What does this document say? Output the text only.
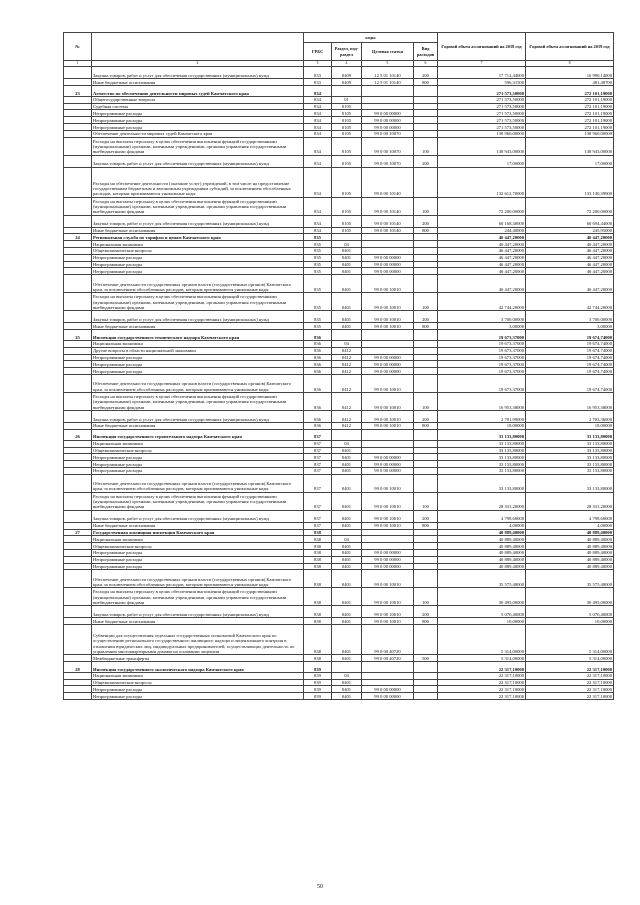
№		коды				Годовой объем ассигнований на 2018 год	Годовой объем ассигнований на 2019 год
		ГРБС	Раздел, под-раздел	Целевая статья	Вид расходов		
1	2	3	4	5	6	7	8
	Закупка товаров, работ и услуг для обеспечения государственных (муниципальных) нужд	833	0409	12 5 01 10140	200	17 712,44000	16 990,14000
	Иные бюджетные ассигнования	833	0409	12 5 01 10140	800	596,31500	481,48700
23	Агентство по обеспечению деятельности мировых судей Камчатского края	834				271 573,50000	272 101,19000
	Общегосударственные вопросы	834	01			271 573,50000	272 101,19000
	Судебная система	834	0105			271 573,50000	272 101,19000
	Непрограммные расходы	834	0105	99 0 00 00000		271 573,50000	272 101,19000
	Непрограммные расходы	834	0105	99 0 00 00000		271 573,50000	272 101,19000
	Непрограммные расходы	834	0105	99 0 00 00000		271 573,50000	272 101,19000
	Обеспечение деятельности мировых судей Камчатского края	834	0105	99 0 00 10070		138 960,00000	138 960,00000
	Расходы на выплаты персоналу в целях обеспечения выполнения функций государственными (муниципальными) органами, казенными учреждениями, органами управления государственными внебюджетными фондами	834	0105	99 0 00 10070	100	138 943,00000	138 943,00000
	Закупка товаров, работ и услуг для обеспечения государственных (муниципальных) нужд	834	0105	99 0 00 10070	200	17,00000	17,00000
	Расходы на обеспечение деятельности (оказание услуг) учреждений, в том числе на предоставление государственным бюджетным и автономным учреждениям субсидий, за исключением обособленных расходов, которым присваиваются уникальные коды	834	0105	99 0 00 10140		132 612,70000	133 140,39000
	Расходы на выплаты персоналу в целях обеспечения выполнения функций государственными (муниципальными) органами, казенными учреждениями, органами управления государственными внебюджетными фондами	834	0105	99 0 00 10140	100	72 200,00000	72 200,00000
	Закупка товаров, работ и услуг для обеспечения государственных (муниципальных) нужд	834	0105	99 0 00 10140	200	60 168,30000	60 694,44000
	Иные бюджетные ассигнования	834	0105	99 0 00 10140	800	244,40000	245,95000
24	Региональная служба по тарифам и ценам Камчатского края	835				46 447,20000	46 447,20000
	Национальная экономика	835	04			46 447,20000	46 447,20000
	Общеэкономические вопросы	835	0401			46 447,20000	46 447,20000
	Непрограммные расходы	835	0401	99 0 00 00000		46 447,20000	46 447,20000
	Непрограммные расходы	835	0401	99 0 00 00000		46 447,20000	46 447,20000
	Непрограммные расходы	835	0401	99 0 00 00000		46 447,20000	46 447,20000
	Обеспечение деятельности государственных органов власти (государственных органов) Камчатского края, за исключением обособленных расходов, которым присваиваются уникальные коды	835	0401	99 0 00 10010		46 447,20000	46 447,20000
	Расходы на выплаты персоналу в целях обеспечения выполнения функций государственными (муниципальными) органами, казенными учреждениями, органами управления государственными внебюджетными фондами	835	0401	99 0 00 10010	100	42 744,20000	42 744,20000
	Закупка товаров, работ и услуг для обеспечения государственных (муниципальных) нужд	835	0401	99 0 00 10010	200	3 700,00000	3 700,00000
	Иные бюджетные ассигнования	835	0401	99 0 00 10010	800	3,00000	3,00000
25	Инспекция государственного технического надзора Камчатского края	836				19 673,37000	19 674,74000
	Национальная экономика	836	04			19 673,37000	19 674,74000
	Другие вопросы в области национальной экономики	836	0412			19 673,37000	19 674,74000
	Непрограммные расходы	836	0412	99 0 00 00000		19 673,37000	19 674,74000
	Непрограммные расходы	836	0412	99 0 00 00000		19 673,37000	19 674,74000
	Непрограммные расходы	836	0412	99 0 00 00000		19 673,37000	19 674,74000
	Обеспечение деятельности государственных органов власти (государственных органов) Камчатского края, за исключением обособленных расходов, которым присваиваются уникальные коды	836	0412	99 0 00 10010		19 673,37000	19 674,74000
	Расходы на выплаты персоналу в целях обеспечения выполнения функций государственными (муниципальными) органами, казенными учреждениями, органами управления государственными внебюджетными фондами	836	0412	99 0 00 10010	100	16 953,38000	16 953,38000
	Закупка товаров, работ и услуг для обеспечения государственных (муниципальных) нужд	836	0412	99 0 00 10010	200	2 701,99000	2 703,36000
	Иные бюджетные ассигнования	836	0412	99 0 00 10010	800	18,00000	18,00000
26	Инспекция государственного строительного надзора Камчатского края	837				33 133,80000	33 133,80000
	Национальная экономика	837	04			33 133,80000	33 133,80000
	Общеэкономические вопросы	837	0401			33 133,80000	33 133,80000
	Непрограммные расходы	837	0401	99 0 00 00000		33 133,80000	33 133,80000
	Непрограммные расходы	837	0401	99 0 00 00000		33 133,80000	33 133,80000
	Непрограммные расходы	837	0401	99 0 00 00000		33 133,80000	33 133,80000
	Обеспечение деятельности государственных органов власти (государственных органов) Камчатского края, за исключением обособленных расходов, которым присваиваются уникальные коды	837	0401	99 0 00 10010		33 133,80000	33 133,80000
	Расходы на выплаты персоналу в целях обеспечения выполнения функций государственными (муниципальными) органами, казенными учреждениями, органами управления государственными внебюджетными фондами	837	0401	99 0 00 10010	100	28 331,20000	28 331,20000
	Закупка товаров, работ и услуг для обеспечения государственных (муниципальных) нужд	837	0401	99 0 00 10010	200	4 798,60000	4 798,60000
	Иные бюджетные ассигнования	837	0401	99 0 00 10010	800	4,00000	4,00000
27	Государственная жилищная инспекция Камчатского края	838				40 889,40000	40 889,40000
	Национальная экономика	838	04			40 889,40000	40 889,40000
	Общеэкономические вопросы	838	0401			40 889,40000	40 889,40000
	Непрограммные расходы	838	0401	99 0 00 00000		40 889,40000	40 889,40000
	Непрограммные расходы	838	0401	99 0 00 00000		40 889,40000	40 889,40000
	Непрограммные расходы	838	0401	99 0 00 00000		40 889,40000	40 889,40000
	Обеспечение деятельности государственных органов власти (государственных органов) Камчатского края, за исключением обособленных расходов, которым присваиваются уникальные коды	838	0401	99 0 00 10010		35 575,40000	35 575,40000
	Расходы на выплаты персоналу в целях обеспечения выполнения функций государственными (муниципальными) органами, казенными учреждениями, органами управления государственными внебюджетными фондами	838	0401	99 0 00 10010	100	30 495,00000	30 495,00000
	Закупка товаров, работ и услуг для обеспечения государственных (муниципальных) нужд	838	0401	99 0 00 10010	200	5 070,40000	5 070,40000
	Иные бюджетные ассигнования	838	0401	99 0 00 10010	800	10,00000	10,00000
	Субвенции для осуществления отдельных государственных полномочий Камчатского края по осуществлению регионального государственного жилищного надзора и лицензионного контроля в отношении юридических лиц, индивидуальных предпринимателей, осуществляющих деятельность по управлению многоквартирными домами на основании лицензии	838	0401	99 0 00 40720		5 314,00000	5 314,00000
	Межбюджетные трансферты	838	0401	99 0 00 40720	500	5 314,00000	5 314,00000
28	Инспекция государственного экологического надзора Камчатского края	839				22 317,10000	22 317,10000
	Национальная экономика	839	04			22 317,10000	22 317,10000
	Общеэкономические вопросы	839	0401			22 317,10000	22 317,10000
	Непрограммные расходы	839	0401	99 0 00 00000		22 317,10000	22 317,10000
	Непрограммные расходы	839	0401	99 0 00 00000		22 317,10000	22 317,10000
50
